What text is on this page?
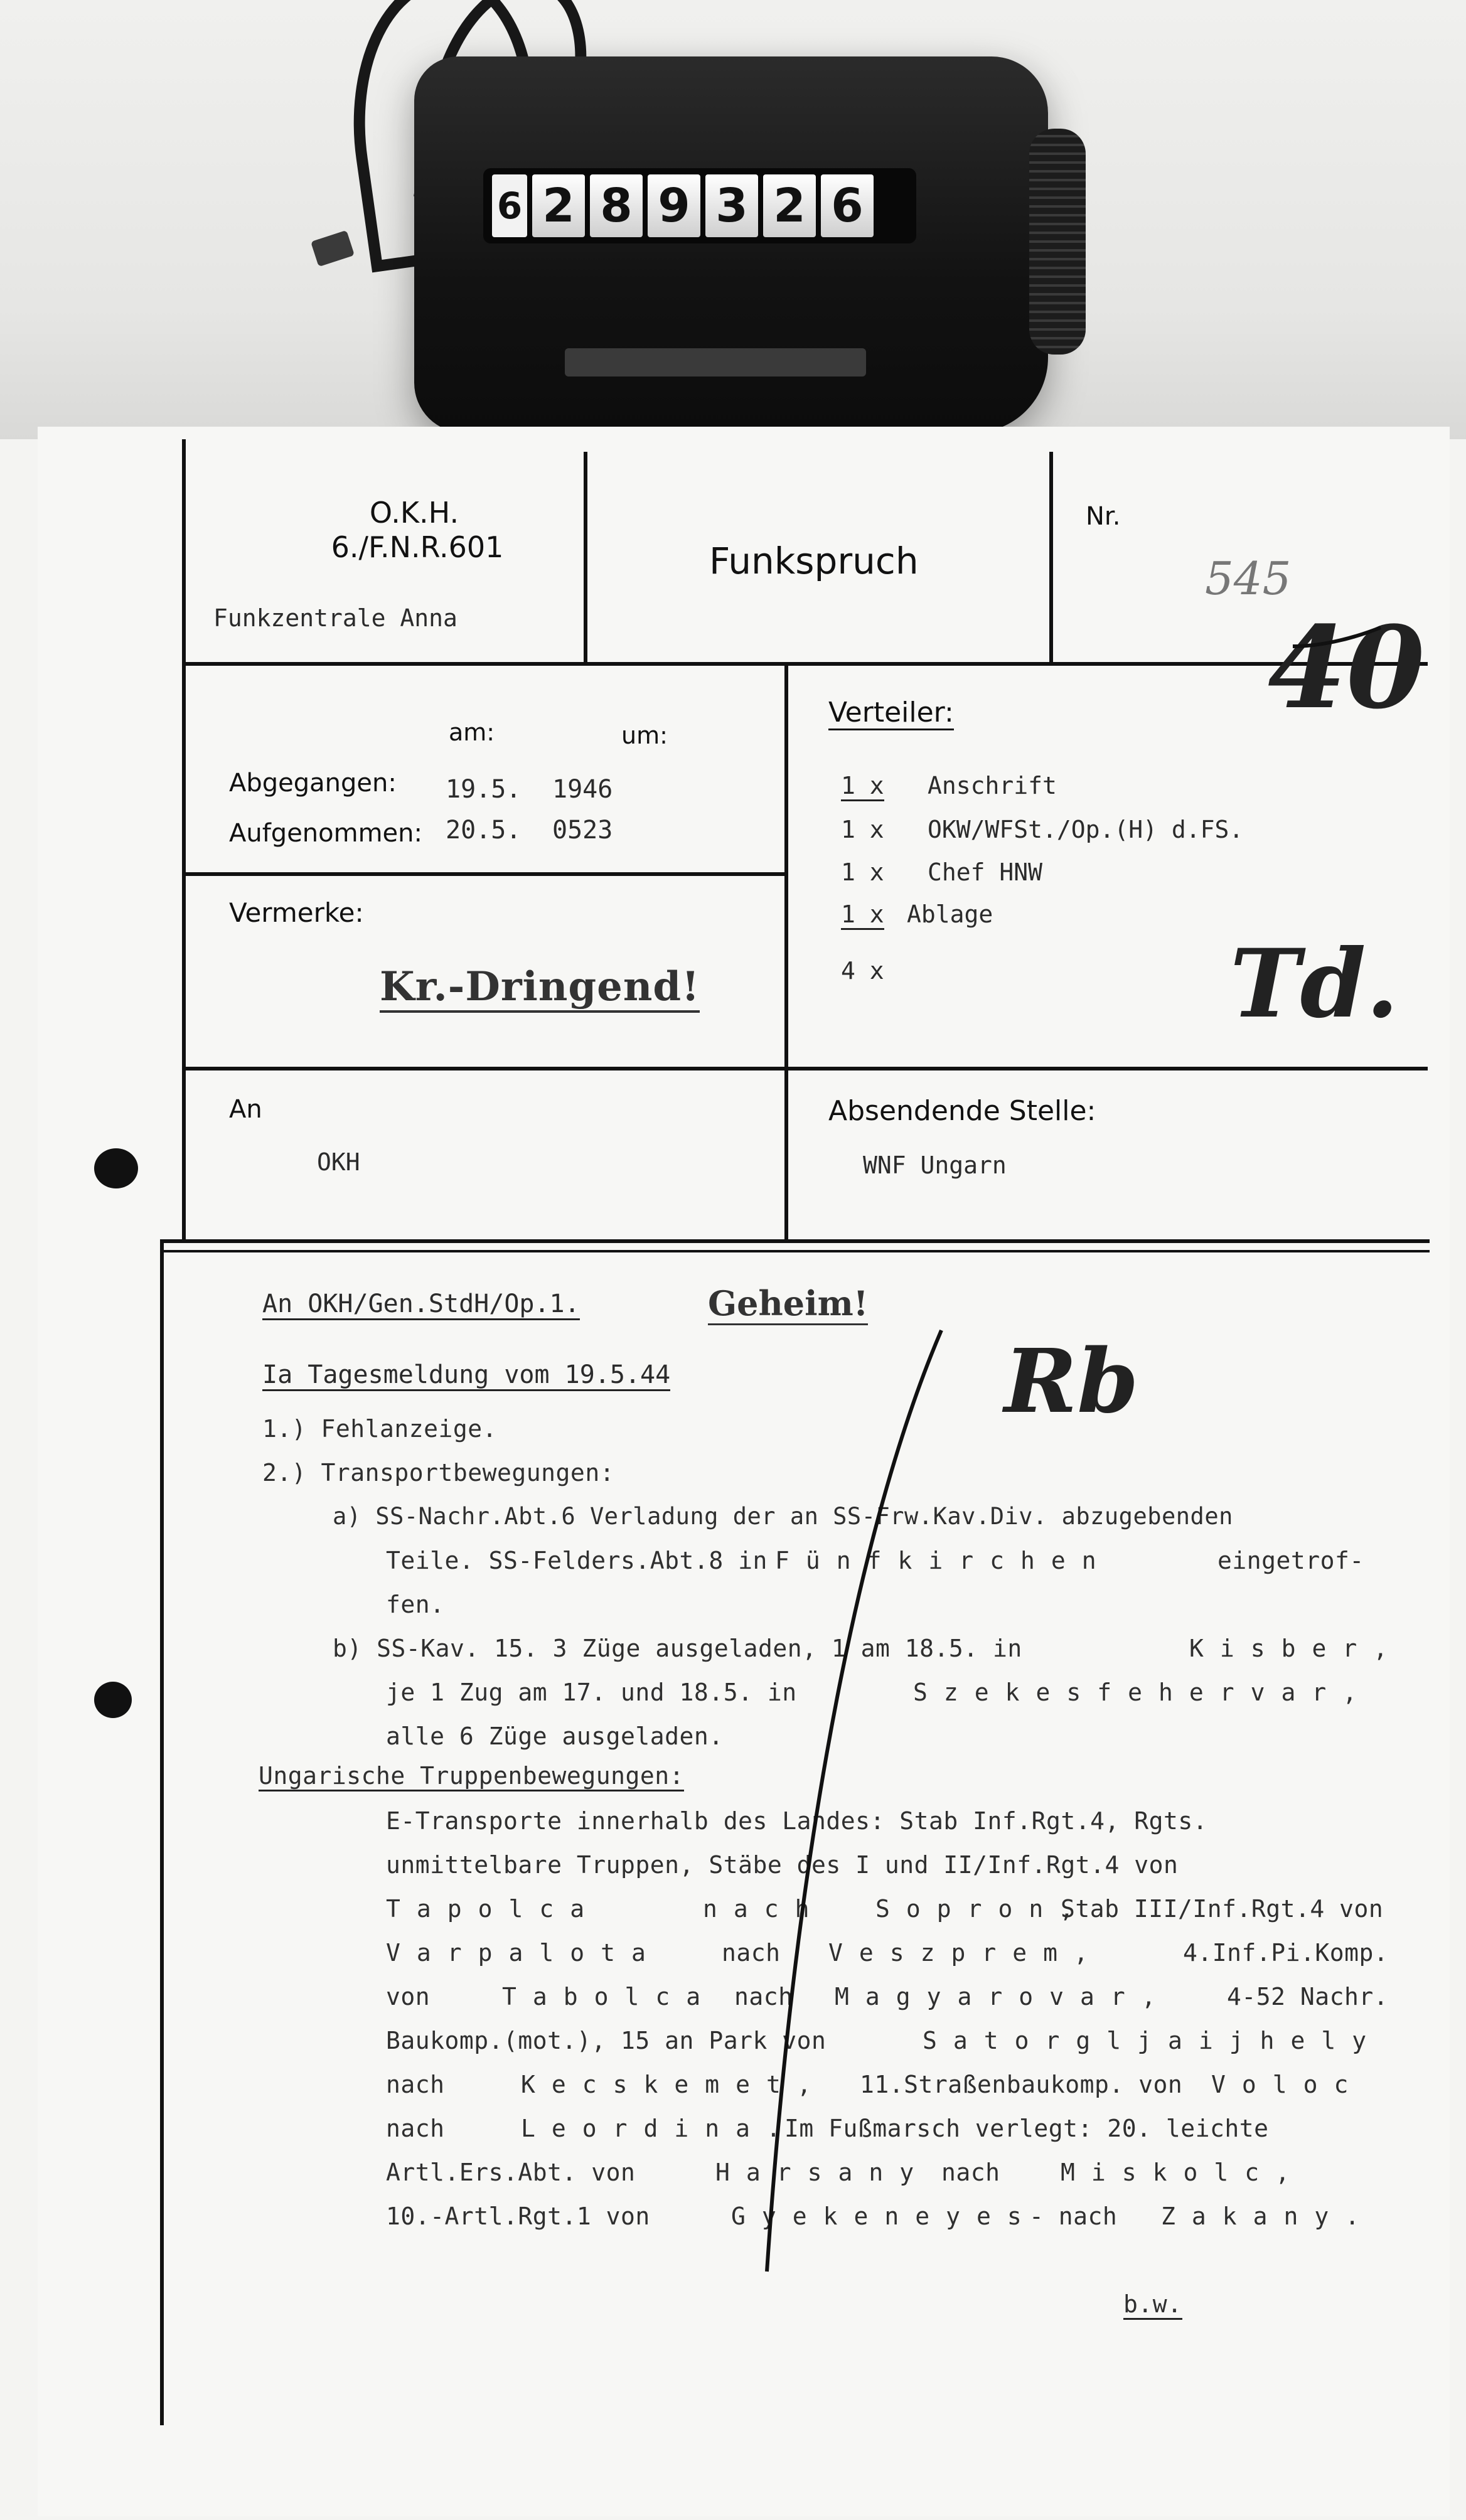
6 2 8 9 3 2 6
O.K.H.
6./F.N.R.601
Funkzentrale Anna
Funkspruch
Nr.
545
40
am:	um:
Abgegangen: 19.5. 1946
Aufgenommen: 20.5. 0523
Vermerke:
Kr.-Dringend!
Verteiler:
1 x Anschrift
1 x OKW/WFSt./Op.(H) d.FS.
1 x Chef HNW
1 x Ablage
4 x	Td.
An
OKH
Absendende Stelle:
WNF Ungarn
An OKH/Gen.StdH/Op.1.	Geheim!
Rb
Ia Tagesmeldung vom 19.5.44
1.) Fehlanzeige.
2.) Transportbewegungen:
a) SS-Nachr.Abt.6 Verladung der an SS-Frw.Kav.Div. abzugebenden
Teile. SS-Felders.Abt.8 in Fünfkirchen	eingetrof-
fen.
b) SS-Kav. 15. 3 Züge ausgeladen, 1 am 18.5. in	Kisber,
je 1 Zug am 17. und 18.5. in	Szekesfehervar,
alle 6 Züge ausgeladen.
Ungarische Truppenbewegungen:
E-Transporte innerhalb des Landes: Stab Inf.Rgt.4, Rgts.
unmittelbare Truppen, Stäbe des I und II/Inf.Rgt.4 von
Tapolca	nach Sopron,
Stab III/Inf.Rgt.4 von
Varpalota	nach Veszprem,	4.Inf.Pi.Komp.
von	Tabolca nach Magyarovar, 4-52 Nachr.
Baukomp.(mot.), 15 an Park von	Satorgljaijhely
nach	Kecskemet, 11.Straßenbaukomp. von Voloc
nach	Leordina.
Im Fußmarsch verlegt: 20. leichte
Artl.Ers.Abt. von	Harsany nach	Miskolc,
10.-Artl.Rgt.1 von	Gyekeneyes
- nach Zakany.
b.w.
